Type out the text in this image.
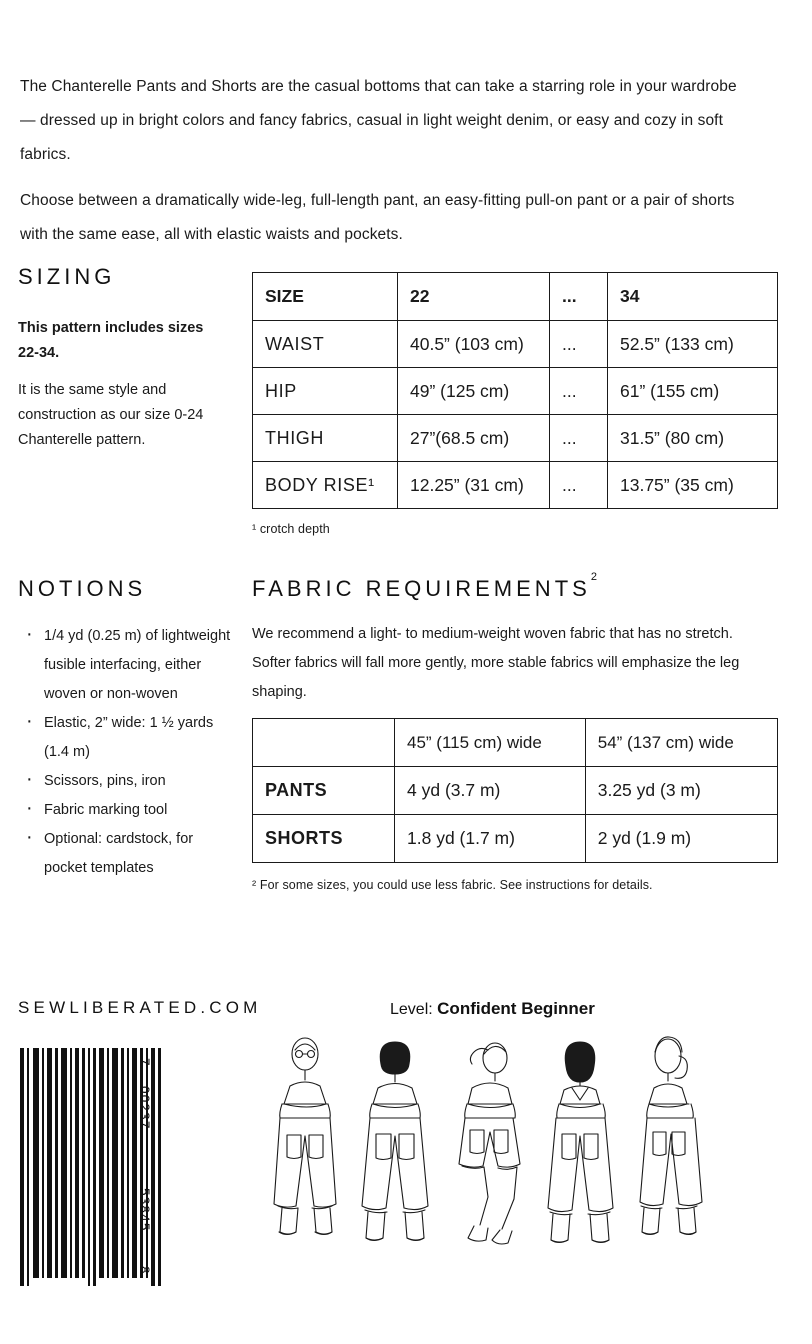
The Chanterelle Pants and Shorts are the casual bottoms that can take a starring role in your wardrobe — dressed up in bright colors and fancy fabrics, casual in light weight denim, or easy and cozy in soft fabrics.

Choose between a dramatically wide-leg, full-length pant, an easy-fitting pull-on pant or a pair of shorts with the same ease, all with elastic waists and pockets.

SIZING
This pattern includes sizes 22-34.
It is the same style and construction as our size 0-24 Chanterelle pattern.
SIZE	22	...	34
WAIST	40.5” (103 cm)	...	52.5” (133 cm)
HIP	49” (125 cm)	...	61” (155 cm)
THIGH	27”(68.5 cm)	...	31.5” (80 cm)
BODY RISE¹	12.25” (31 cm)	...	13.75” (35 cm)
¹ crotch depth
NOTIONS
· 1/4 yd (0.25 m) of lightweight fusible interfacing, either woven or non-woven
· Elastic, 2” wide: 1 ½ yards (1.4 m)
· Scissors, pins, iron
· Fabric marking tool
· Optional: cardstock, for pocket templates
FABRIC REQUIREMENTS$^2$
We recommend a light- to medium-weight woven fabric that has no stretch. Softer fabrics will fall more gently, more stable fabrics will emphasize the leg shaping.
	45” (115 cm) wide	54” (137 cm) wide
PANTS	4 yd (3.7 m)	3.25 yd (3 m)
SHORTS	1.8 yd (1.7 m)	2 yd (1.9 m)
² For some sizes, you could use less fabric. See instructions for details.
SEWLIBERATED.COM	Level: Confident Beginner
7
00237
53845
8
